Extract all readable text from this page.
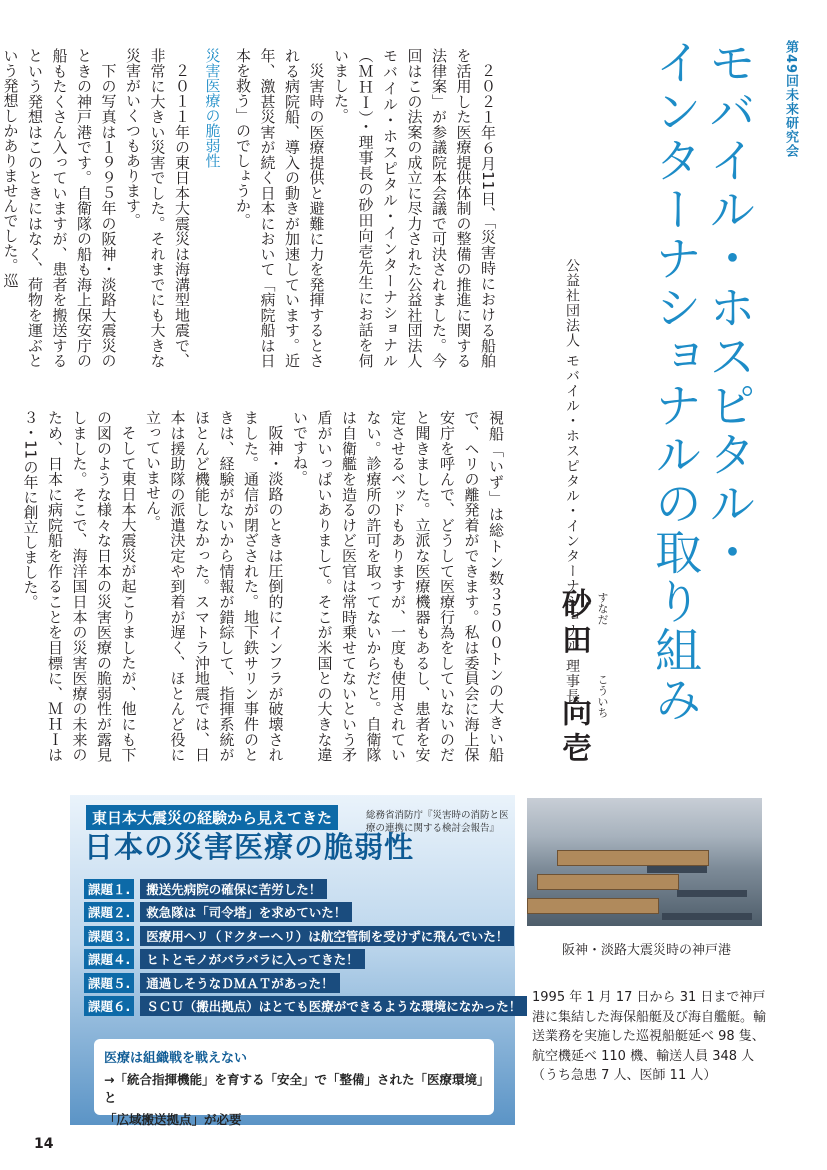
第49回未来研究会
モバイル・ホスピタル・
インターナショナルの取り組み
公益社団法人 モバイル・ホスピタル・インターナショナル 理事長 すなだ
こういち
砂田　向壱

２０２１年６月11日、「災害時における船舶を活用した医療提供体制の整備の推進に関する法律案」が参議院本会議で可決されました。今回はこの法案の成立に尽力された公益社団法人モバイル・ホスピタル・インターナショナル（ＭＨＩ）・理事長の砂田向壱先生にお話を伺いました。

災害時の医療提供と避難に力を発揮するとされる病院船、導入の動きが加速しています。近年、激甚災害が続く日本において「病院船は日本を救う」のでしょうか。

災害医療の脆弱性

２０１１年の東日本大震災は海溝型地震で、非常に大きい災害でした。それまでにも大きな災害がいくつもあります。

下の写真は１９９５年の阪神・淡路大震災のときの神戸港です。自衛隊の船も海上保安庁の船もたくさん入っていますが、患者を搬送するという発想はこのときにはなく、荷物を運ぶという発想しかありませんでした。巡

視船「いず」は総トン数３５００トンの大きい船で、ヘリの離発着ができます。私は委員会に海上保安庁を呼んで、どうして医療行為をしていないのだと聞きました。立派な医療機器もあるし、患者を安定させるベッドもありますが、一度も使用されていない。診療所の許可を取ってないからだと。自衛隊は自衛艦を造るけど医官は常時乗せてないという矛盾がいっぱいありまして。そこが米国との大きな違いですね。

阪神・淡路のときは圧倒的にインフラが破壊されました。通信が閉ざされた。地下鉄サリン事件のときは、経験がないから情報が錯綜して、指揮系統がほとんど機能しなかった。スマトラ沖地震では、日本は援助隊の派遣決定や到着が遅く、ほとんど役に立っていません。

そして東日本大震災が起こりましたが、他にも下の図のような様々な日本の災害医療の脆弱性が露見しました。そこで、海洋国日本の災害医療の未来のため、日本に病院船を作ることを目標に、ＭＨＩは３・11の年に創立しました。

東日本大震災の経験から見えてきた
日本の災害医療の脆弱性
総務省消防庁『災害時の消防と医療の連携に関する検討会報告』
課題１.	搬送先病院の確保に苦労した！
課題２.	救急隊は「司令塔」を求めていた！
課題３.	医療用ヘリ（ドクターヘリ）は航空管制を受けずに飛んでいた！
課題４.	ヒトとモノがバラバラに入ってきた！
課題５.	通過しそうなＤＭＡＴがあった！
課題６.	ＳＣＵ（搬出拠点）はとても医療ができるような環境になかった！
医療は組織戦を戦えない
→「統合指揮機能」を育する「安全」で「整備」された「医療環境」と
「広域搬送拠点」が必要
阪神・淡路大震災時の神戸港
1995 年 1 月 17 日から 31 日まで神戸港に集結した海保船艇及び海自艦艇。輸送業務を実施した巡視船艇延べ 98 隻、航空機延べ 110 機、輸送人員 348 人（うち急患 7 人、医師 11 人）
14
